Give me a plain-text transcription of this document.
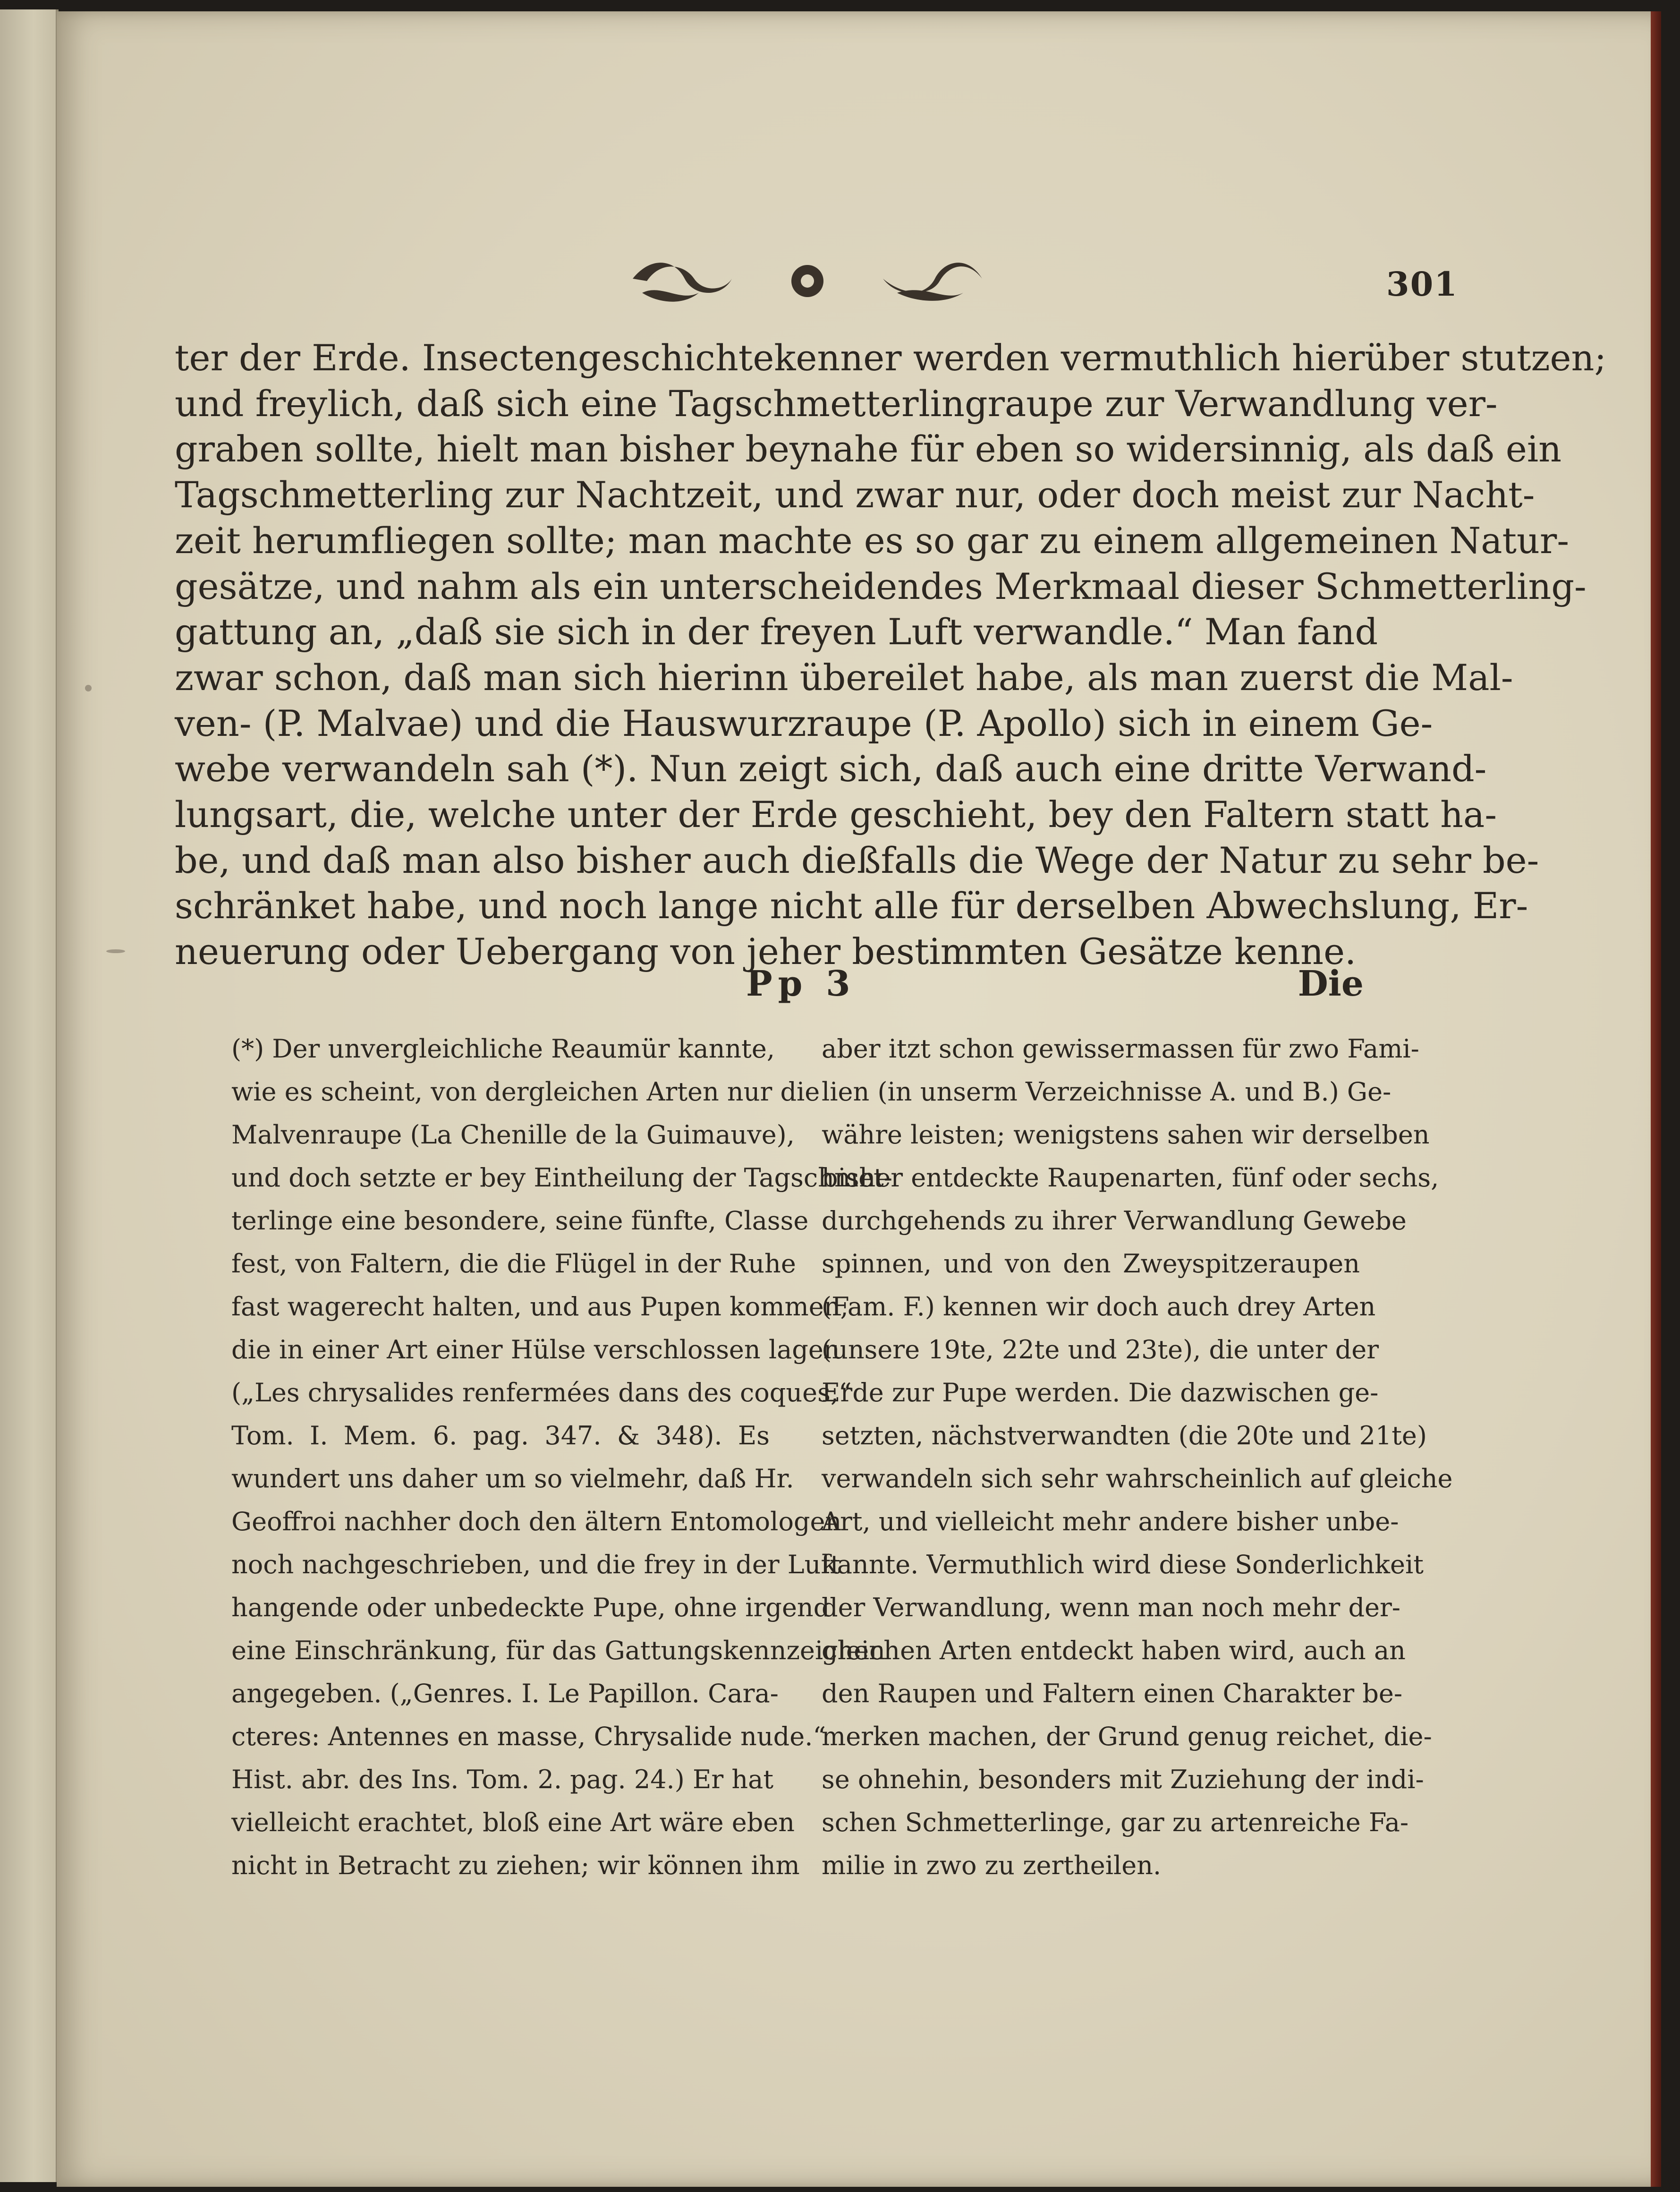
301
ter der Erde. Insectengeschichtekenner werden vermuthlich hierüber stutzen;
und freylich, daß sich eine Tagschmetterlingraupe zur Verwandlung ver-
graben sollte, hielt man bisher beynahe für eben so widersinnig, als daß ein
Tagschmetterling zur Nachtzeit, und zwar nur, oder doch meist zur Nacht-
zeit herumfliegen sollte; man machte es so gar zu einem allgemeinen Natur-
gesätze, und nahm als ein unterscheidendes Merkmaal dieser Schmetterling-
gattung an, „daß sie sich in der freyen Luft verwandle.“ Man fand
zwar schon, daß man sich hierinn übereilet habe, als man zuerst die Mal-
ven- (P. Malvae) und die Hauswurzraupe (P. Apollo) sich in einem Ge-
webe verwandeln sah (*). Nun zeigt sich, daß auch eine dritte Verwand-
lungsart, die, welche unter der Erde geschieht, bey den Faltern statt ha-
be, und daß man also bisher auch dießfalls die Wege der Natur zu sehr be-
schränket habe, und noch lange nicht alle für derselben Abwechslung, Er-
neuerung oder Uebergang von jeher bestimmten Gesätze kenne.
Pp 3	Die
(*) Der unvergleichliche Reaumür kannte,
wie es scheint, von dergleichen Arten nur die
Malvenraupe (La Chenille de la Guimauve),
und doch setzte er bey Eintheilung der Tagschmet-
terlinge eine besondere, seine fünfte, Classe
fest, von Faltern, die die Flügel in der Ruhe
fast wagerecht halten, und aus Pupen kommen,
die in einer Art einer Hülse verschlossen lagen
(„Les chrysalides renfermées dans des coques,“
Tom. I. Mem. 6. pag. 347. & 348). Es
wundert uns daher um so vielmehr, daß Hr.
Geoffroi nachher doch den ältern Entomologen
noch nachgeschrieben, und die frey in der Luft
hangende oder unbedeckte Pupe, ohne irgend
eine Einschränkung, für das Gattungskennzeichen
angegeben. („Genres. I. Le Papillon. Cara-
cteres: Antennes en masse, Chrysalide nude.“
Hist. abr. des Ins. Tom. 2. pag. 24.) Er hat
vielleicht erachtet, bloß eine Art wäre eben
nicht in Betracht zu ziehen; wir können ihm
aber itzt schon gewissermassen für zwo Fami-
lien (in unserm Verzeichnisse A. und B.) Ge-
währe leisten; wenigstens sahen wir derselben
bisher entdeckte Raupenarten, fünf oder sechs,
durchgehends zu ihrer Verwandlung Gewebe
spinnen, und von den Zweyspitzeraupen
(Fam. F.) kennen wir doch auch drey Arten
(unsere 19te, 22te und 23te), die unter der
Erde zur Pupe werden. Die dazwischen ge-
setzten, nächstverwandten (die 20te und 21te)
verwandeln sich sehr wahrscheinlich auf gleiche
Art, und vielleicht mehr andere bisher unbe-
kannte. Vermuthlich wird diese Sonderlichkeit
der Verwandlung, wenn man noch mehr der-
gleichen Arten entdeckt haben wird, auch an
den Raupen und Faltern einen Charakter be-
merken machen, der Grund genug reichet, die-
se ohnehin, besonders mit Zuziehung der indi-
schen Schmetterlinge, gar zu artenreiche Fa-
milie in zwo zu zertheilen.
